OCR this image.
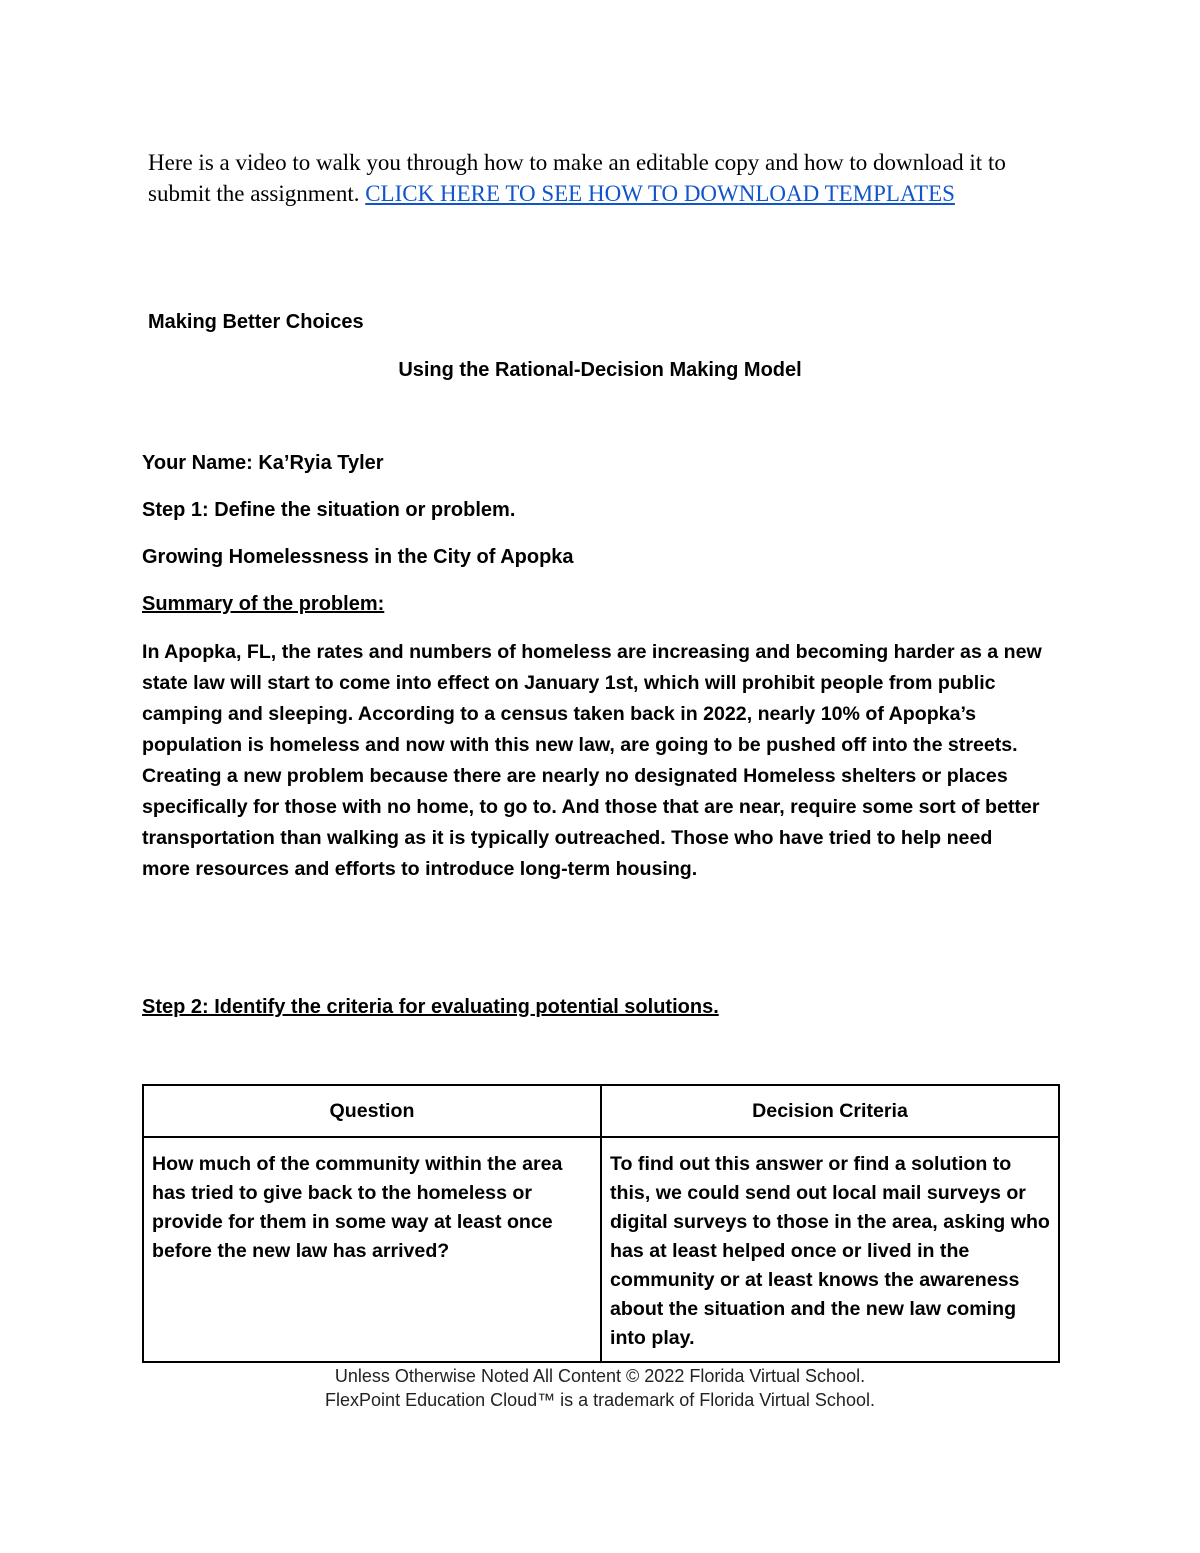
Here is a video to walk you through how to make an editable copy and how to download it to submit the assignment. CLICK HERE TO SEE HOW TO DOWNLOAD TEMPLATES

Making Better Choices
Using the Rational-Decision Making Model
Your Name: Ka’Ryia Tyler
Step 1: Define the situation or problem.
Growing Homelessness in the City of Apopka
Summary of the problem:

In Apopka, FL, the rates and numbers of homeless are increasing and becoming harder as a new state law will start to come into effect on January 1st, which will prohibit people from public camping and sleeping. According to a census taken back in 2022, nearly 10% of Apopka’s population is homeless and now with this new law, are going to be pushed off into the streets. Creating a new problem because there are nearly no designated Homeless shelters or places specifically for those with no home, to go to. And those that are near, require some sort of better transportation than walking as it is typically outreached. Those who have tried to help need more resources and efforts to introduce long-term housing.

Step 2: Identify the criteria for evaluating potential solutions.
Question	Decision Criteria

How much of the community within the area has tried to give back to the homeless or provide for them in some way at least once before the new law has arrived?	To find out this answer or find a solution to this, we could send out local mail surveys or digital surveys to those in the area, asking who has at least helped once or lived in the community or at least knows the awareness about the situation and the new law coming into play.
Unless Otherwise Noted All Content © 2022 Florida Virtual School.
FlexPoint Education Cloud™ is a trademark of Florida Virtual School.
